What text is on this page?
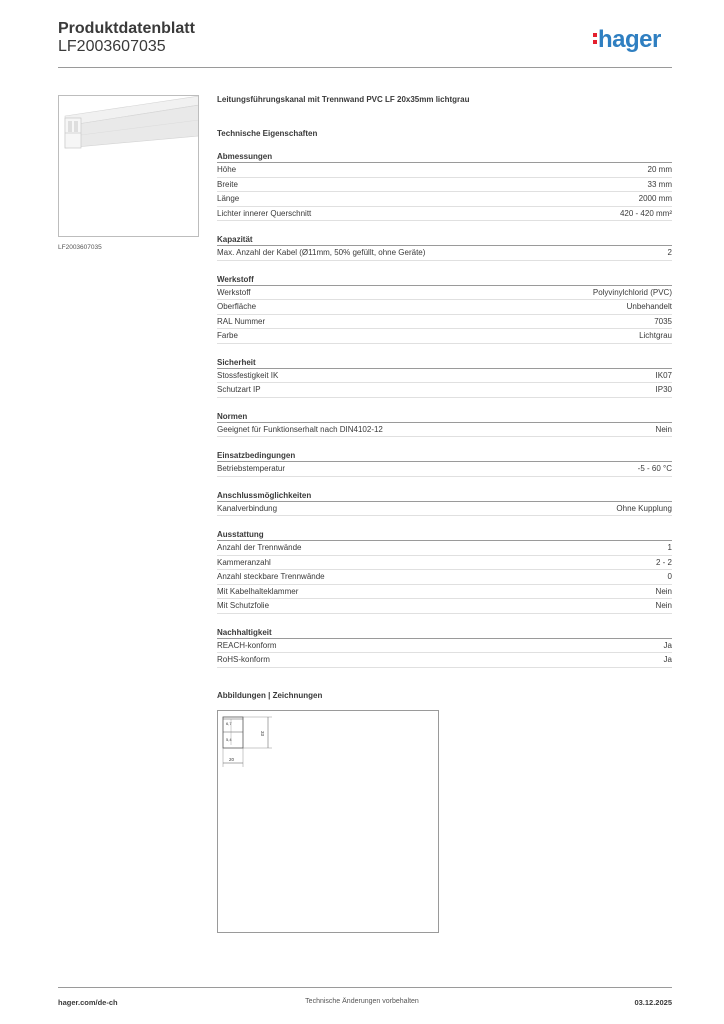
Produktdatenblatt
LF2003607035	hager
LF2003607035
Leitungsführungskanal mit Trennwand PVC LF 20x35mm lichtgrau
Technische Eigenschaften
Abmessungen
Höhe	20 mm
Breite	33 mm
Länge	2000 mm
Lichter innerer Querschnitt	420 - 420 mm²
Kapazität
Max. Anzahl der Kabel (Ø11mm, 50% gefüllt, ohne Geräte)	2
Werkstoff
Werkstoff	Polyvinylchlorid (PVC)
Oberfläche	Unbehandelt
RAL Nummer	7035
Farbe	Lichtgrau
Sicherheit
Stossfestigkeit IK	IK07
Schutzart IP	IP30
Normen
Geeignet für Funktionserhalt nach DIN4102-12	Nein
Einsatzbedingungen
Betriebstemperatur	-5 - 60 °C
Anschlussmöglichkeiten
Kanalverbindung	Ohne Kupplung
Ausstattung
Anzahl der Trennwände	1
Kammeranzahl	2 - 2
Anzahl steckbare Trennwände	0
Mit Kabelhalteklammer	Nein
Mit Schutzfolie	Nein
Nachhaltigkeit
REACH-konform	Ja
RoHS-konform	Ja
Abbildungen | Zeichnungen
6,7
5,4
33
20
hager.com/de-ch	Technische Änderungen vorbehalten	03.12.2025
